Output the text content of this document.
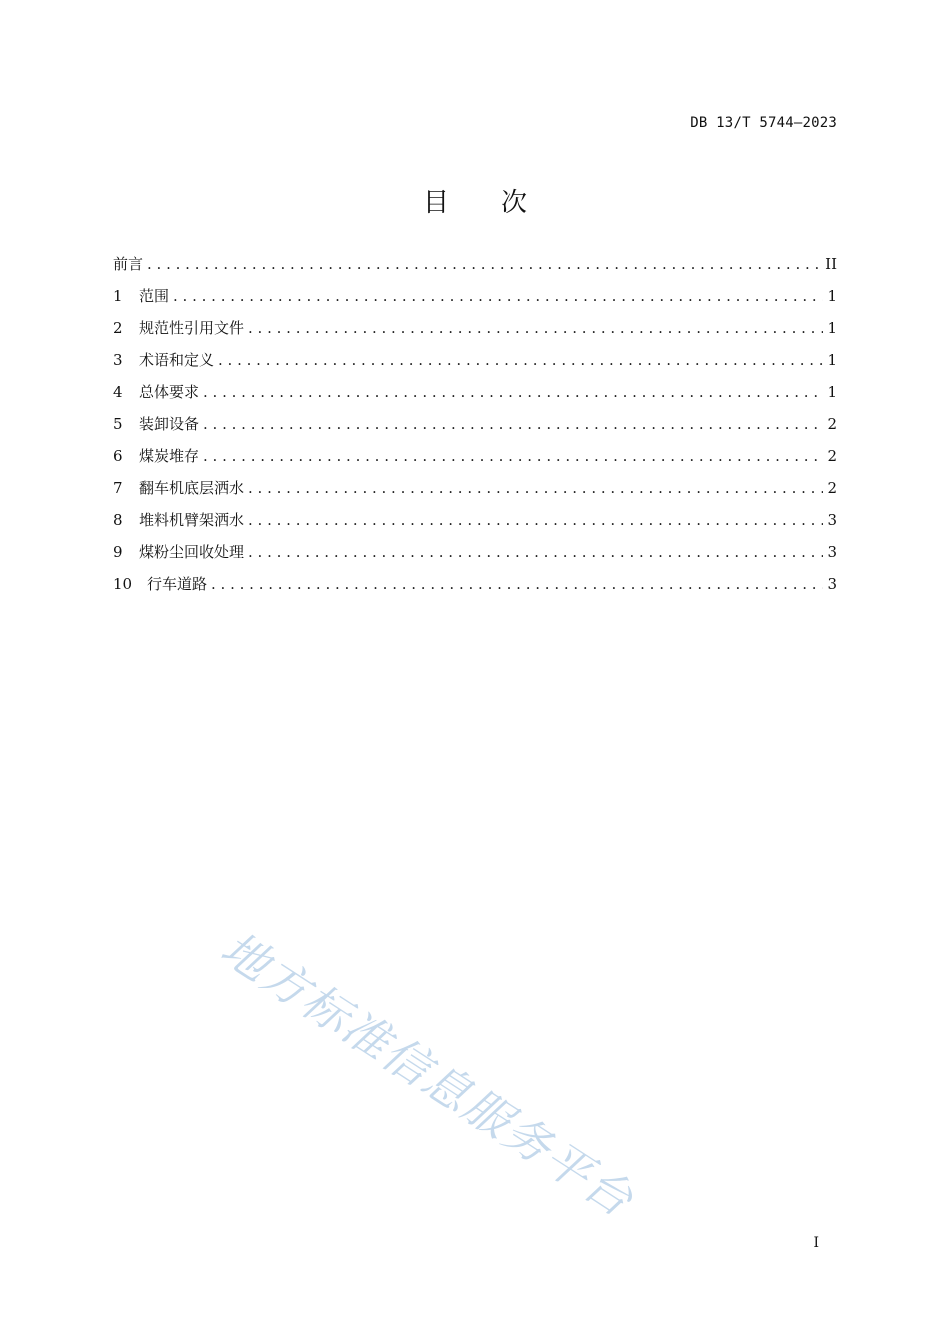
DB 13/T 5744—2023
目 次
前言 . . .	II
1	范围 . . .	1
2	规范性引用文件 . . .	1
3	术语和定义 . . .	1
4	总体要求 . . .	1
5	装卸设备 . . .	2
6	煤炭堆存 . . .	2
7	翻车机底层洒水 . . .	2
8	堆料机臂架洒水 . . .	3
9	煤粉尘回收处理 . . .	3
10 行车道路 . . .	3
地方标准信息服务平台
I
